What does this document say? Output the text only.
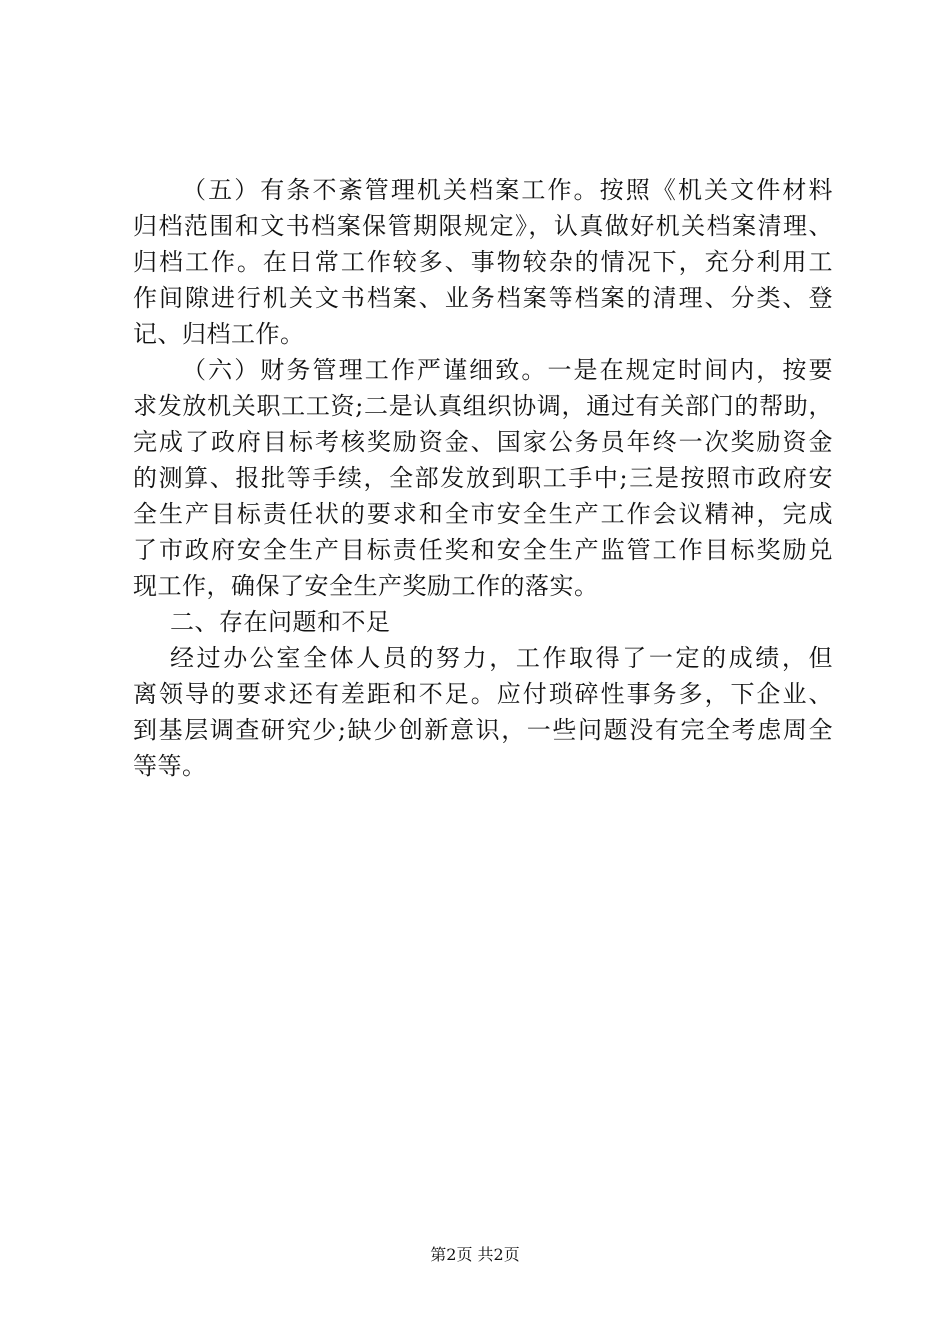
（五）有条不紊管理机关档案工作。按照《机关文件材料
归档范围和文书档案保管期限规定》，认真做好机关档案清理、
归档工作。在日常工作较多、事物较杂的情况下，充分利用工
作间隙进行机关文书档案、业务档案等档案的清理、分类、登
记、归档工作。
（六）财务管理工作严谨细致。一是在规定时间内，按要
求发放机关职工工资;二是认真组织协调，通过有关部门的帮助，
完成了政府目标考核奖励资金、国家公务员年终一次奖励资金
的测算、报批等手续，全部发放到职工手中;三是按照市政府安
全生产目标责任状的要求和全市安全生产工作会议精神，完成
了市政府安全生产目标责任奖和安全生产监管工作目标奖励兑
现工作，确保了安全生产奖励工作的落实。
二、存在问题和不足
经过办公室全体人员的努力，工作取得了一定的成绩，但
离领导的要求还有差距和不足。应付琐碎性事务多，下企业、
到基层调查研究少;缺少创新意识，一些问题没有完全考虑周全
等等。
第2页 共2页
